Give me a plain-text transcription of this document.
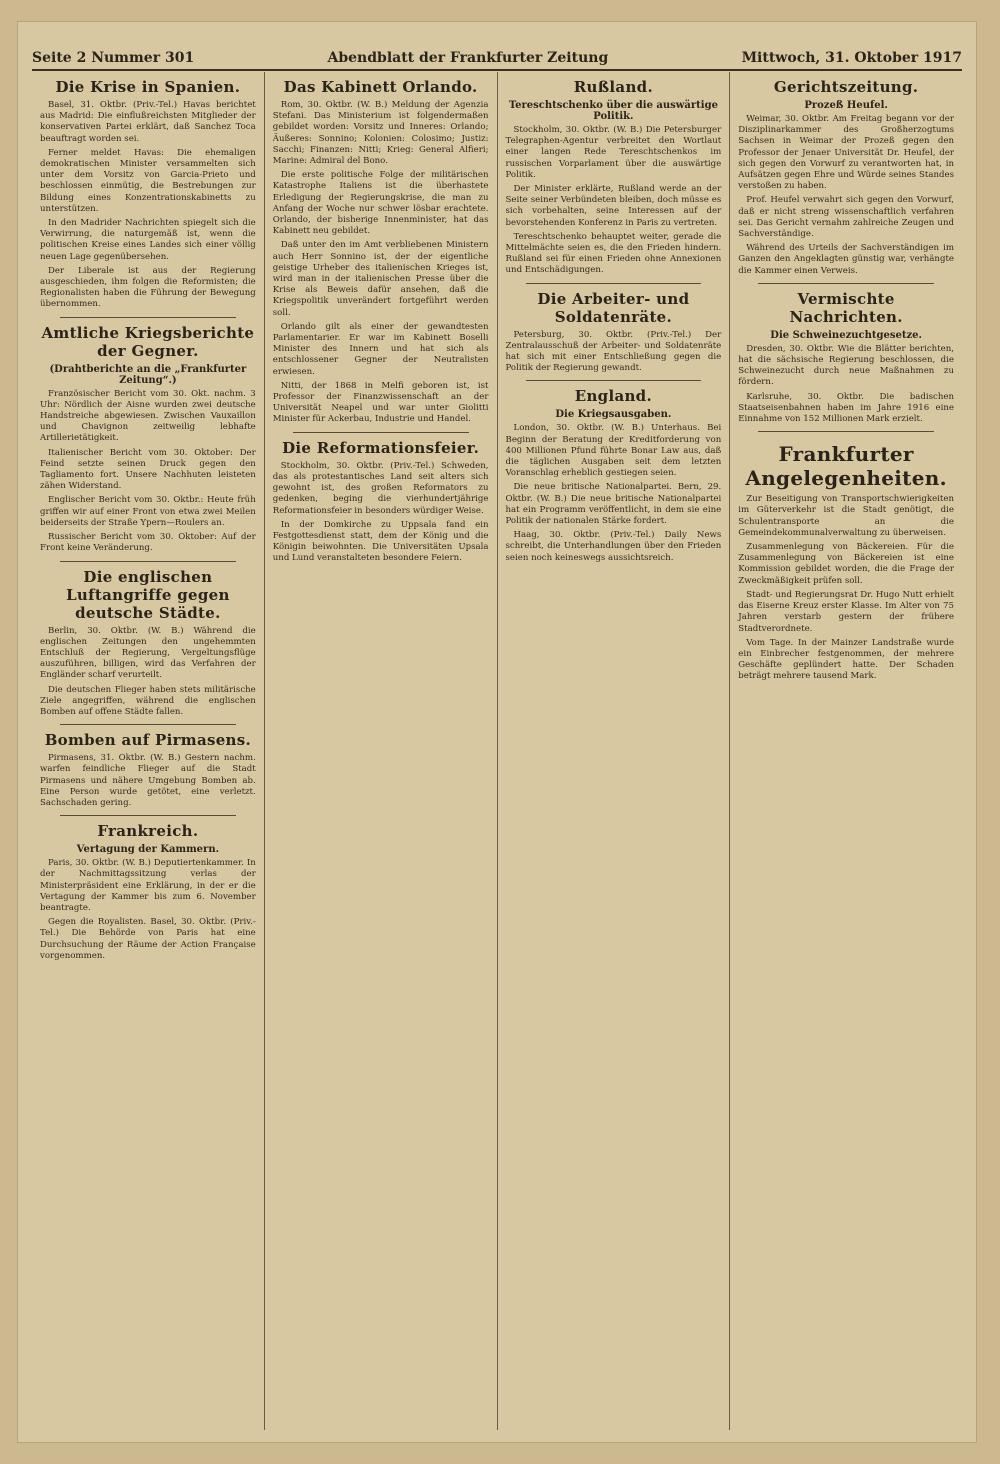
Seite 2 Nummer 301	Abendblatt der Frankfurter Zeitung	Mittwoch, 31. Oktober 1917
Die Krise in Spanien.

Basel, 31. Oktbr. (Priv.-Tel.) Havas berichtet aus Madrid: Die einflußreichsten Mitglieder der konservativen Partei erklärt, daß Sanchez Toca beauftragt worden sei.

Ferner meldet Havas: Die ehemaligen demokratischen Minister versammelten sich unter dem Vorsitz von Garcia-Prieto und beschlossen einmütig, die Bestrebungen zur Bildung eines Konzentrationskabinetts zu unterstützen.

In den Madrider Nachrichten spiegelt sich die Verwirrung, die naturgemäß ist, wenn die politischen Kreise eines Landes sich einer völlig neuen Lage gegenübersehen.

Der Liberale ist aus der Regierung ausgeschieden, ihm folgen die Reformisten; die Regionalisten haben die Führung der Bewegung übernommen.

Amtliche Kriegsberichte der Gegner.
(Drahtberichte an die „Frankfurter Zeitung“.)

Französischer Bericht vom 30. Okt. nachm. 3 Uhr: Nördlich der Aisne wurden zwei deutsche Handstreiche abgewiesen. Zwischen Vauxaillon und Chavignon zeitweilig lebhafte Artillerietätigkeit.

Italienischer Bericht vom 30. Oktober: Der Feind setzte seinen Druck gegen den Tagliamento fort. Unsere Nachhuten leisteten zähen Widerstand.

Englischer Bericht vom 30. Oktbr.: Heute früh griffen wir auf einer Front von etwa zwei Meilen beiderseits der Straße Ypern—Roulers an.

Russischer Bericht vom 30. Oktober: Auf der Front keine Veränderung.

Die englischen Luftangriffe gegen deutsche Städte.

Berlin, 30. Oktbr. (W. B.) Während die englischen Zeitungen den ungehemmten Entschluß der Regierung, Vergeltungsflüge auszuführen, billigen, wird das Verfahren der Engländer scharf verurteilt.

Die deutschen Flieger haben stets militärische Ziele angegriffen, während die englischen Bomben auf offene Städte fallen.

Bomben auf Pirmasens.

Pirmasens, 31. Oktbr. (W. B.) Gestern nachm. warfen feindliche Flieger auf die Stadt Pirmasens und nähere Umgebung Bomben ab. Eine Person wurde getötet, eine verletzt. Sachschaden gering.

Frankreich.
Vertagung der Kammern.

Paris, 30. Oktbr. (W. B.) Deputiertenkammer. In der Nachmittagssitzung verlas der Ministerpräsident eine Erklärung, in der er die Vertagung der Kammer bis zum 6. November beantragte.

Gegen die Royalisten. Basel, 30. Oktbr. (Priv.-Tel.) Die Behörde von Paris hat eine Durchsuchung der Räume der Action Française vorgenommen.

Das Kabinett Orlando.

Rom, 30. Oktbr. (W. B.) Meldung der Agenzia Stefani. Das Ministerium ist folgendermaßen gebildet worden: Vorsitz und Inneres: Orlando; Äußeres: Sonnino; Kolonien: Colosimo; Justiz: Sacchi; Finanzen: Nitti; Krieg: General Alfieri; Marine: Admiral del Bono.

Die erste politische Folge der militärischen Katastrophe Italiens ist die überhastete Erledigung der Regierungskrise, die man zu Anfang der Woche nur schwer lösbar erachtete. Orlando, der bisherige Innenminister, hat das Kabinett neu gebildet.

Daß unter den im Amt verbliebenen Ministern auch Herr Sonnino ist, der der eigentliche geistige Urheber des italienischen Krieges ist, wird man in der italienischen Presse über die Krise als Beweis dafür ansehen, daß die Kriegspolitik unverändert fortgeführt werden soll.

Orlando gilt als einer der gewandtesten Parlamentarier. Er war im Kabinett Boselli Minister des Innern und hat sich als entschlossener Gegner der Neutralisten erwiesen.

Nitti, der 1868 in Melfi geboren ist, ist Professor der Finanzwissenschaft an der Universität Neapel und war unter Giolitti Minister für Ackerbau, Industrie und Handel.

Die Reformationsfeier.

Stockholm, 30. Oktbr. (Priv.-Tel.) Schweden, das als protestantisches Land seit alters sich gewohnt ist, des großen Reformators zu gedenken, beging die vierhundertjährige Reformationsfeier in besonders würdiger Weise.

In der Domkirche zu Uppsala fand ein Festgottesdienst statt, dem der König und die Königin beiwohnten. Die Universitäten Upsala und Lund veranstalteten besondere Feiern.

Rußland.
Tereschtschenko über die auswärtige Politik.

Stockholm, 30. Oktbr. (W. B.) Die Petersburger Telegraphen-Agentur verbreitet den Wortlaut einer langen Rede Tereschtschenkos im russischen Vorparlament über die auswärtige Politik.

Der Minister erklärte, Rußland werde an der Seite seiner Verbündeten bleiben, doch müsse es sich vorbehalten, seine Interessen auf der bevorstehenden Konferenz in Paris zu vertreten.

Tereschtschenko behauptet weiter, gerade die Mittelmächte seien es, die den Frieden hindern. Rußland sei für einen Frieden ohne Annexionen und Entschädigungen.

Die Arbeiter- und Soldatenräte.

Petersburg, 30. Oktbr. (Priv.-Tel.) Der Zentralausschuß der Arbeiter- und Soldatenräte hat sich mit einer Entschließung gegen die Politik der Regierung gewandt.

England.
Die Kriegsausgaben.

London, 30. Oktbr. (W. B.) Unterhaus. Bei Beginn der Beratung der Kreditforderung von 400 Millionen Pfund führte Bonar Law aus, daß die täglichen Ausgaben seit dem letzten Voranschlag erheblich gestiegen seien.

Die neue britische Nationalpartei. Bern, 29. Oktbr. (W. B.) Die neue britische Nationalpartei hat ein Programm veröffentlicht, in dem sie eine Politik der nationalen Stärke fordert.

Haag, 30. Oktbr. (Priv.-Tel.) Daily News schreibt, die Unterhandlungen über den Frieden seien noch keineswegs aussichtsreich.

Gerichtszeitung.
Prozeß Heufel.

Weimar, 30. Oktbr. Am Freitag begann vor der Disziplinarkammer des Großherzogtums Sachsen in Weimar der Prozeß gegen den Professor der Jenaer Universität Dr. Heufel, der sich gegen den Vorwurf zu verantworten hat, in Aufsätzen gegen Ehre und Würde seines Standes verstoßen zu haben.

Prof. Heufel verwahrt sich gegen den Vorwurf, daß er nicht streng wissenschaftlich verfahren sei. Das Gericht vernahm zahlreiche Zeugen und Sachverständige.

Während des Urteils der Sachverständigen im Ganzen den Angeklagten günstig war, verhängte die Kammer einen Verweis.

Vermischte Nachrichten.
Die Schweinezuchtgesetze.

Dresden, 30. Oktbr. Wie die Blätter berichten, hat die sächsische Regierung beschlossen, die Schweinezucht durch neue Maßnahmen zu fördern.

Karlsruhe, 30. Oktbr. Die badischen Staatseisenbahnen haben im Jahre 1916 eine Einnahme von 152 Millionen Mark erzielt.

Frankfurter Angelegenheiten.

Zur Beseitigung von Transportschwierigkeiten im Güterverkehr ist die Stadt genötigt, die Schulentransporte an die Gemeindekommunalverwaltung zu überweisen.

Zusammenlegung von Bäckereien. Für die Zusammenlegung von Bäckereien ist eine Kommission gebildet worden, die die Frage der Zweckmäßigkeit prüfen soll.

Stadt- und Regierungsrat Dr. Hugo Nutt erhielt das Eiserne Kreuz erster Klasse. Im Alter von 75 Jahren verstarb gestern der frühere Stadtverordnete.

Vom Tage. In der Mainzer Landstraße wurde ein Einbrecher festgenommen, der mehrere Geschäfte geplündert hatte. Der Schaden beträgt mehrere tausend Mark.
